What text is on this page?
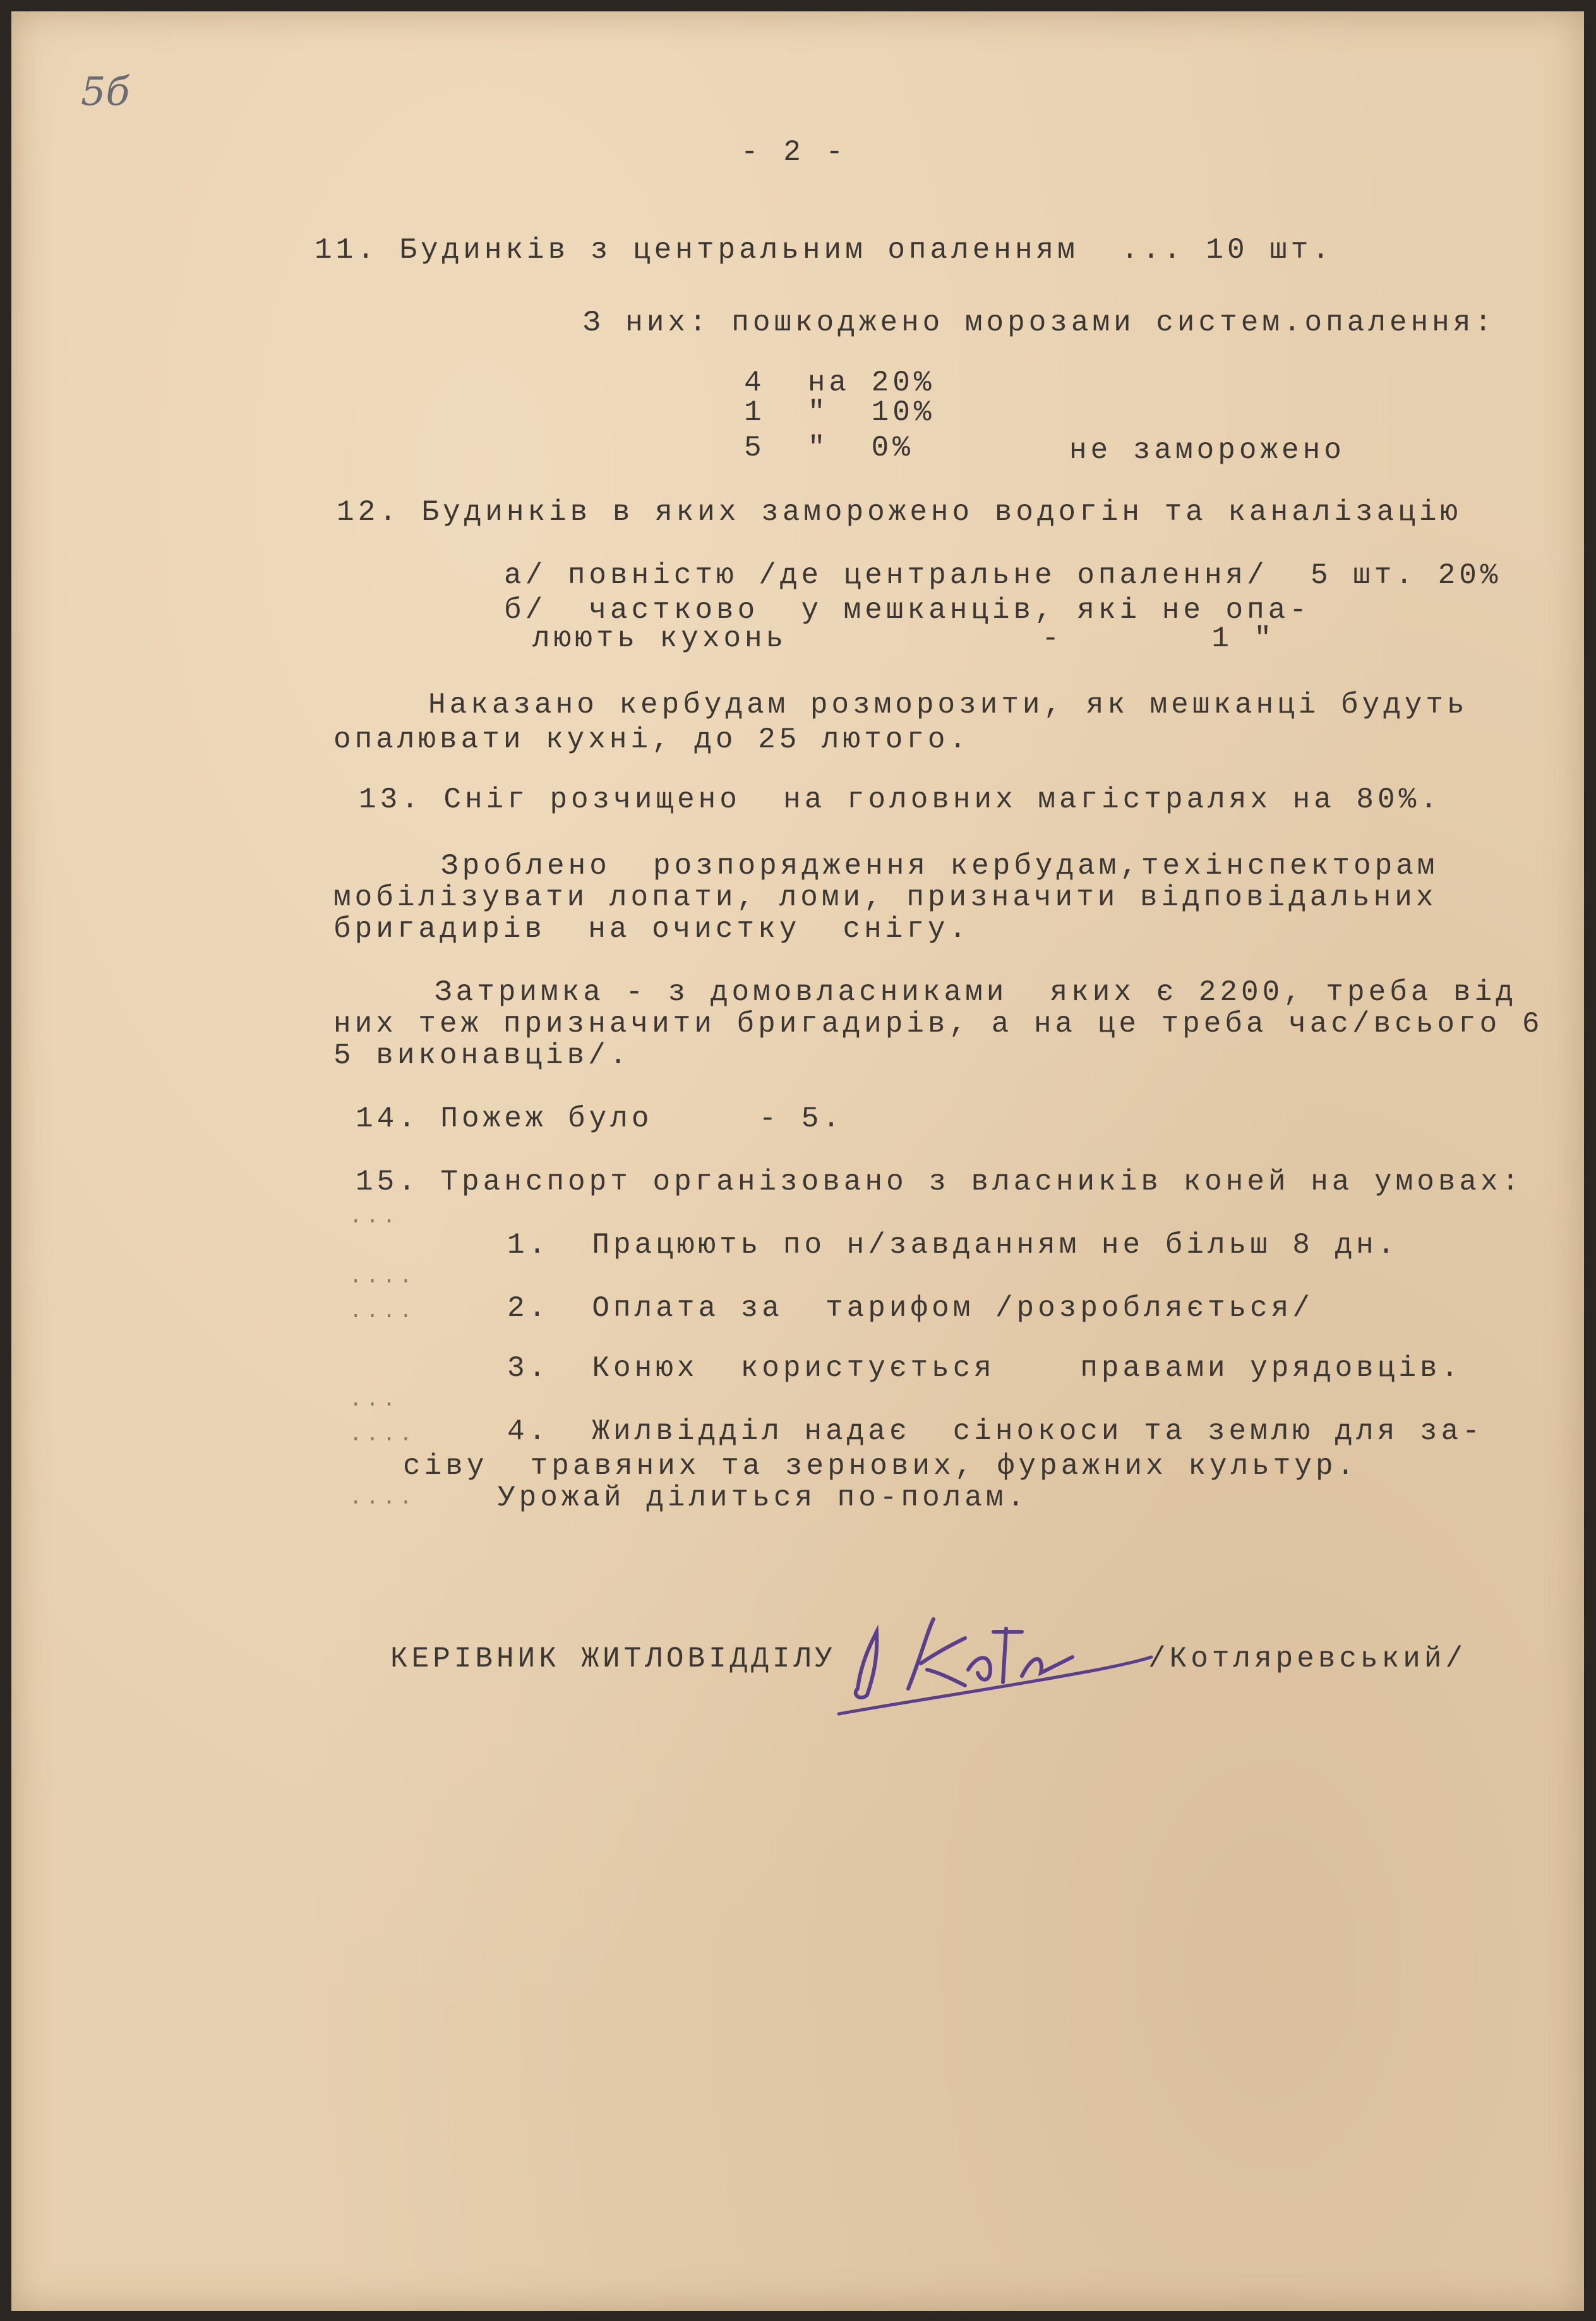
5б
- 2 -
11. Будинків з центральним опаленням  ... 10 шт.
З них: пошкоджено морозами систем.опалення:
4  на 20%
1  "  10%
5  "  0%	не заморожено
12. Будинків в яких заморожено водогін та каналізацію
а/ повністю /де центральне опалення/  5 шт. 20%
б/  частково  у мешканців, які не опа-
люють кухонь            -       1 "
Наказано кербудам розморозити, як мешканці будуть
опалювати кухні, до 25 лютого.
13. Сніг розчищено  на головних магістралях на 80%.
Зроблено  розпорядження кербудам,техінспекторам
мобілізувати лопати, ломи, призначити відповідальних
бригадирів  на очистку  снігу.
Затримка - з домовласниками  яких є 2200, треба від
них теж призначити бригадирів, а на це треба час/всього 6
5 виконавців/.
14. Пожеж було     - 5.
15. Транспорт організовано з власників коней на умовах:
...
1.  Працюють по н/завданням не більш 8 дн.
....
2.  Оплата за  тарифом /розробляється/
....
3.  Конюх  користується    правами урядовців.
...
4.  Жилвідділ надає  сінокоси та землю для за-
....
сіву  травяних та зернових, фуражних культур.
....	Урожай ділиться по-полам.
КЕРІВНИК ЖИТЛОВІДДІЛУ	/Котляревський/
